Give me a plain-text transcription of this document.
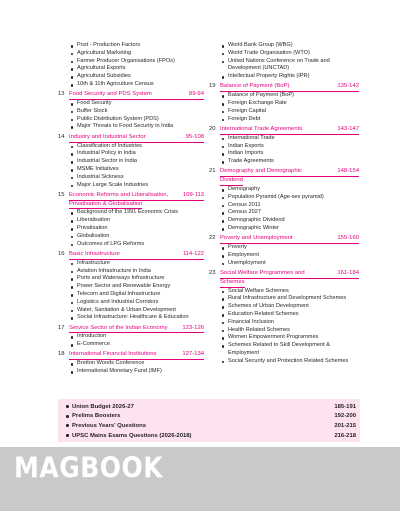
Post - Production Factors
Agricultural Marketing
Farmer Producer Organisations (FPOs)
Agricultural Exports
Agricultural Subsidies
10th & 11th Agriculture Census
13 Food Security and PDS System	89-94
Food Security
Buffer Stock
Public Distribution System (PDS)
Major Threats to Food Security in India
14 Industry and Industrial Sector	95-108
Classification of Industries
Industrial Policy in India
Industrial Sector in India
MSME Initiatives
Industrial Sickness
Major Large Scale Industries
15 Economic Reforms and Liberalisation,	109-113
Privatisation & Globalisation
Background of the 1991 Economic Crisis
Liberalisation
Privatisation
Globalisation
Outcomes of LPG Reforms
16 Basic Infrastructure	114-122
Infrastructure
Aviation Infrastructure in India
Ports and Waterways Infrastructure
Power Sector and Renewable Energy
Telecom and Digital Infrastructure
Logistics and Industrial Corridors
Water, Sanitation & Urban Development
Social Infrastructure: Healthcare & Education
17 Service Sector of the Indian Economy	123-126
Introduction
E-Commerce
18 International Financial Institutions	127-134
Bretton Woods Conference
International Monetary Fund (IMF)
World Bank Group (WBG)
World Trade Organisation (WTO)
United Nations Conference on Trade and Development (UNCTAD)
Intellectual Property Rights (IPR)
19 Balance of Payment (BoP)	135-142
Balance of Payment (BoP)
Foreign Exchange Rate
Foreign Capital
Foreign Debt
20 International Trade Agreements	143-147
International Trade
Indian Exports
Indian Imports
Trade Agreements
21 Demography and Demographic	148-154
Dividend
Demography
Population Pyramid (Age-sex pyramid)
Census 2011
Census 2027
Demographic Dividend
Demographic Winter
22 Poverty and Unemployment	155-160
Poverty
Employment
Unemployment
23 Social Welfare Programmes and	161-184
Schemes
Social Welfare Schemes
Rural Infrastructure and Development Schemes
Schemes of Urban Development
Education Related Schemes
Financial Inclusion
Health Related Schemes
Women Empowerment Programmes
Schemes Related to Skill Development & Employment
Social Security and Protection Related Schemes
Union Budget 2026-27	185-191
Prelims Boosters	192-200
Previous Years' Questions	201-215
UPSC Mains Exams Questions (2026-2018)	216-218
MAGBOOK
